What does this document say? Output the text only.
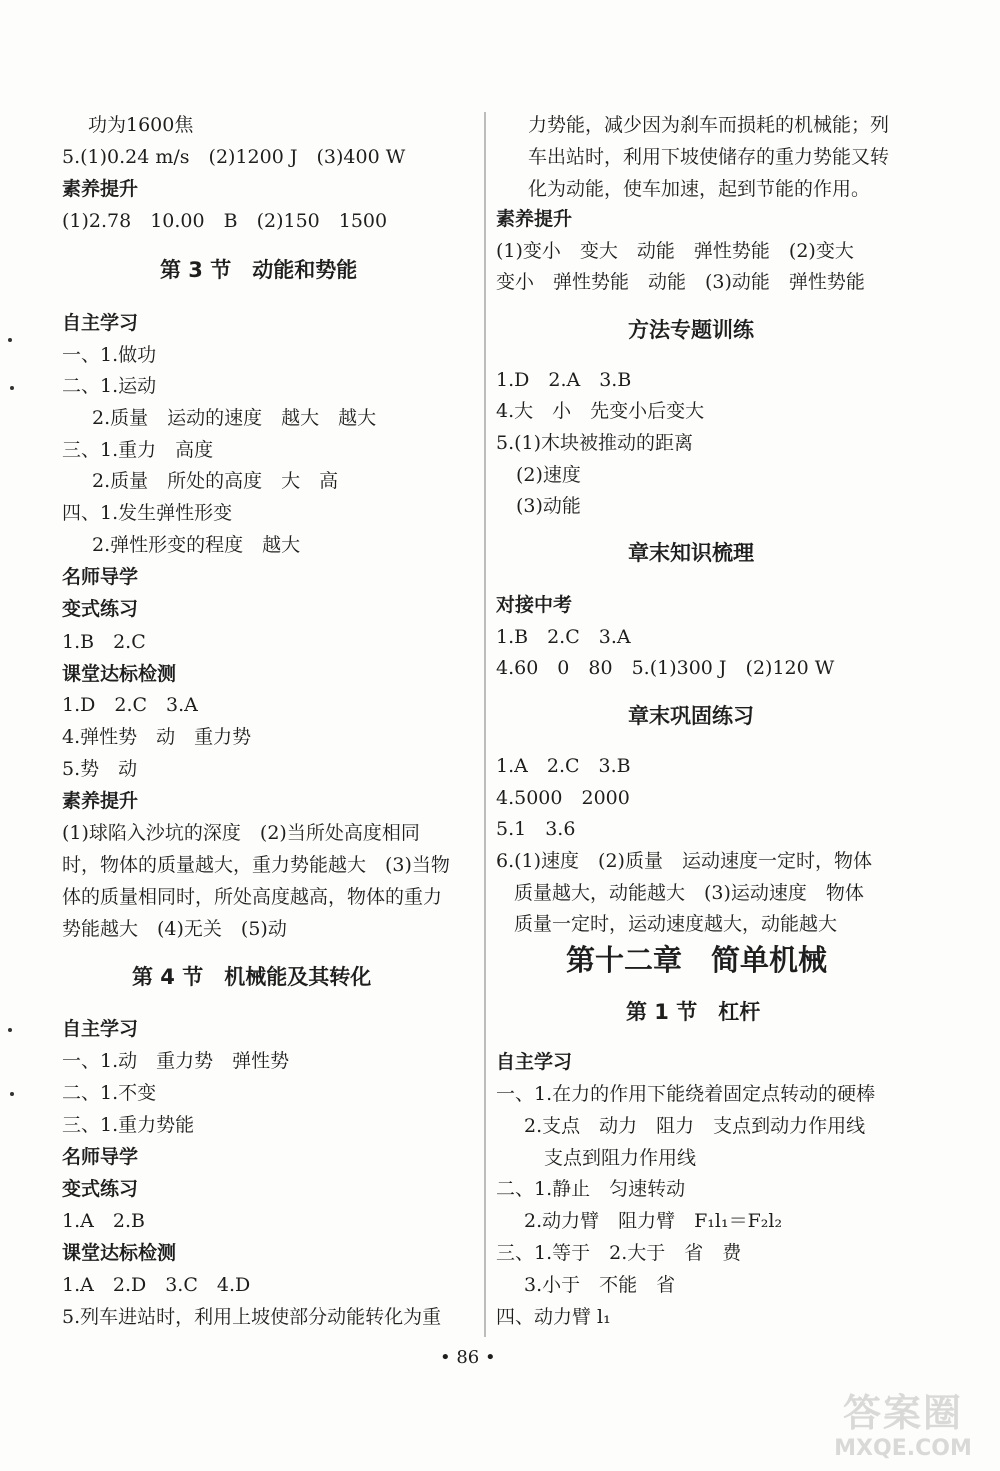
功为1600焦
5.(1)0.24 m/s　(2)1200 J　(3)400 W
素养提升
(1)2.78　10.00　B　(2)150　1500
第 3 节　动能和势能
自主学习
一、1.做功
二、1.运动
2.质量　运动的速度　越大　越大
三、1.重力　高度
2.质量　所处的高度　大　高
四、1.发生弹性形变
2.弹性形变的程度　越大
名师导学
变式练习
1.B　2.C
课堂达标检测
1.D　2.C　3.A
4.弹性势　动　重力势
5.势　动
素养提升
(1)球陷入沙坑的深度　(2)当所处高度相同
时，物体的质量越大，重力势能越大　(3)当物
体的质量相同时，所处高度越高，物体的重力
势能越大　(4)无关　(5)动
第 4 节　机械能及其转化
自主学习
一、1.动　重力势　弹性势
二、1.不变
三、1.重力势能
名师导学
变式练习
1.A　2.B
课堂达标检测
1.A　2.D　3.C　4.D
5.列车进站时，利用上坡使部分动能转化为重
力势能，减少因为刹车而损耗的机械能；列
车出站时，利用下坡使储存的重力势能又转
化为动能，使车加速，起到节能的作用。
素养提升
(1)变小　变大　动能　弹性势能　(2)变大
变小　弹性势能　动能　(3)动能　弹性势能
方法专题训练
1.D　2.A　3.B
4.大　小　先变小后变大
5.(1)木块被推动的距离
(2)速度
(3)动能
章末知识梳理
对接中考
1.B　2.C　3.A
4.60　0　80　5.(1)300 J　(2)120 W
章末巩固练习
1.A　2.C　3.B
4.5000　2000
5.1　3.6
6.(1)速度　(2)质量　运动速度一定时，物体
质量越大，动能越大　(3)运动速度　物体
质量一定时，运动速度越大，动能越大
第十二章　简单机械
第 1 节　杠杆
自主学习
一、1.在力的作用下能绕着固定点转动的硬棒
2.支点　动力　阻力　支点到动力作用线
支点到阻力作用线
二、1.静止　匀速转动
2.动力臂　阻力臂　F₁l₁＝F₂l₂
三、1.等于　2.大于　省　费
3.小于　不能　省
四、动力臂 l₁
• 86 •
答案圈
MXQE.COM
